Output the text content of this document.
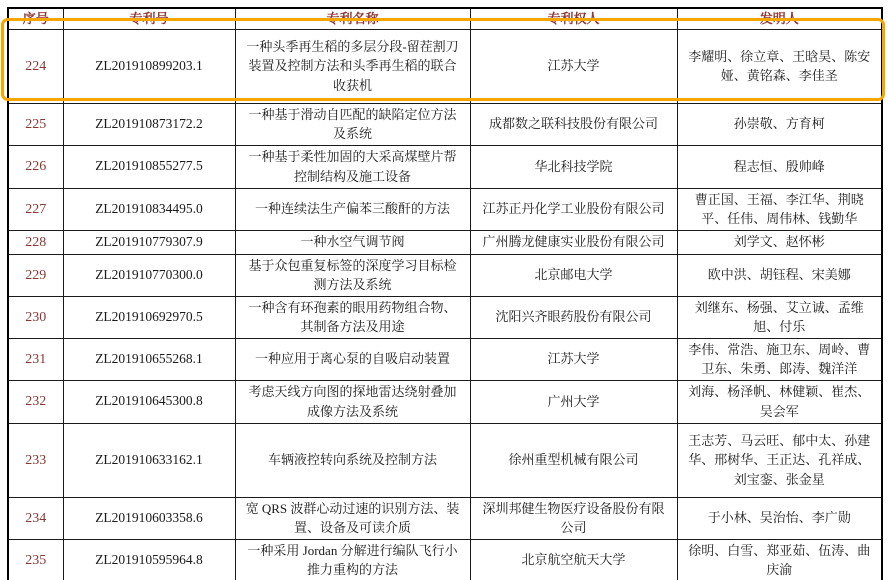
序号	专利号	专利名称	专利权人	发明人
224	ZL201910899203.1	一种头季再生稻的多层分段-留茬割刀装置及控制方法和头季再生稻的联合收获机	江苏大学	李耀明、徐立章、王晗昊、陈安娅、黄铭森、李佳圣
225	ZL201910873172.2	一种基于滑动自匹配的缺陷定位方法及系统	成都数之联科技股份有限公司	孙崇敬、方育柯
226	ZL201910855277.5	一种基于柔性加固的大采高煤壁片帮控制结构及施工设备	华北科技学院	程志恒、殷帅峰
227	ZL201910834495.0	一种连续法生产偏苯三酸酐的方法	江苏正丹化学工业股份有限公司	曹正国、王福、李江华、荆晓平、任伟、周伟林、钱勤华
228	ZL201910779307.9	一种水空气调节阀	广州腾龙健康实业股份有限公司	刘学文、赵怀彬
229	ZL201910770300.0	基于众包重复标签的深度学习目标检测方法及系统	北京邮电大学	欧中洪、胡钰程、宋美娜
230	ZL201910692970.5	一种含有环孢素的眼用药物组合物、其制备方法及用途	沈阳兴齐眼药股份有限公司	刘继东、杨强、艾立诚、孟维旭、付乐
231	ZL201910655268.1	一种应用于离心泵的自吸启动装置	江苏大学	李伟、常浩、施卫东、周岭、曹卫东、朱勇、郎涛、魏洋洋
232	ZL201910645300.8	考虑天线方向图的探地雷达绕射叠加成像方法及系统	广州大学	刘海、杨泽帆、林健颖、崔杰、吴会军
233	ZL201910633162.1	车辆液控转向系统及控制方法	徐州重型机械有限公司	王志芳、马云旺、郁中太、孙建华、邢树华、王正达、孔祥成、刘宝銮、张金星
234	ZL201910603358.6	宽 QRS 波群心动过速的识别方法、装置、设备及可读介质	深圳邦健生物医疗设备股份有限公司	于小林、吴治怡、李广勋
235	ZL201910595964.8	一种采用 Jordan 分解进行编队飞行小推力重构的方法	北京航空航天大学	徐明、白雪、郑亚茹、伍涛、曲庆渝
